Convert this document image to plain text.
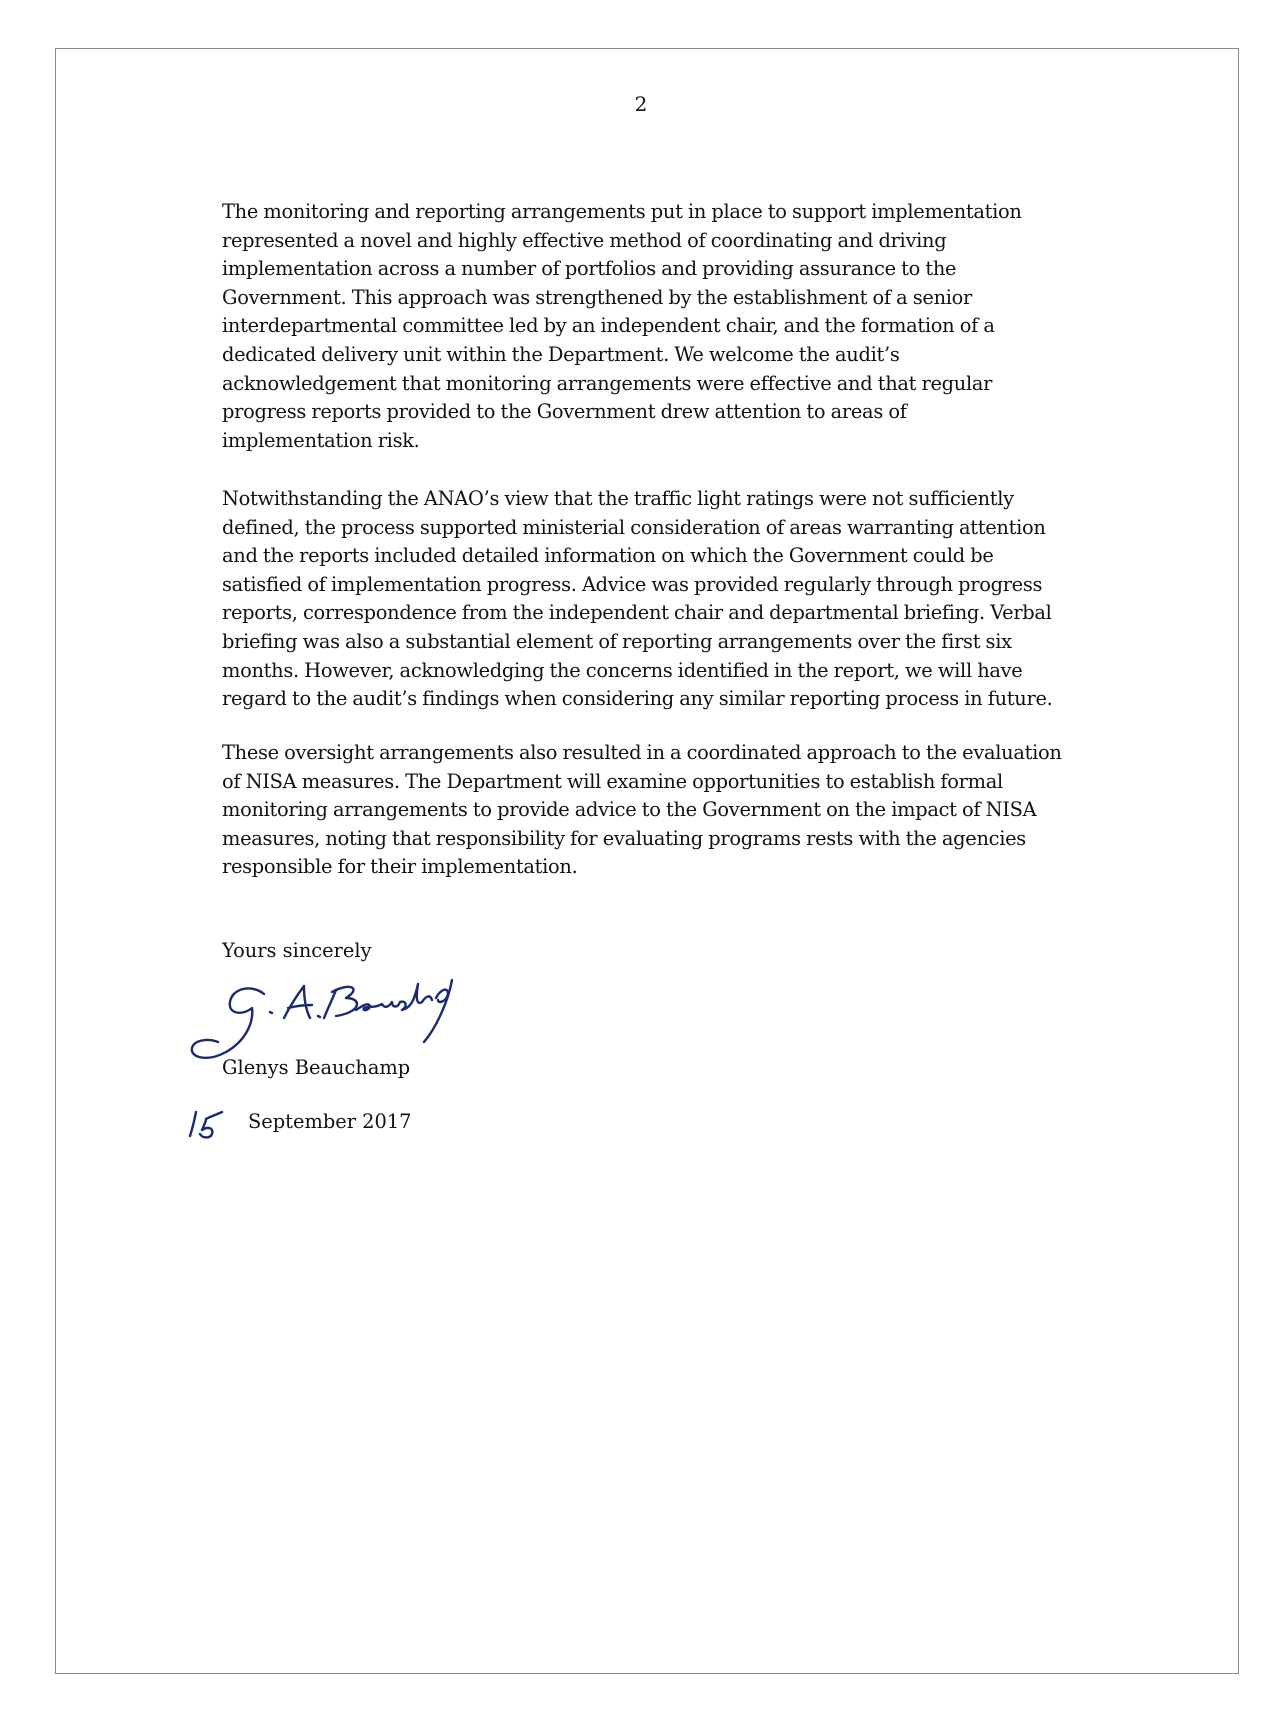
2

The monitoring and reporting arrangements put in place to support implementation
represented a novel and highly effective method of coordinating and driving
implementation across a number of portfolios and providing assurance to the
Government. This approach was strengthened by the establishment of a senior
interdepartmental committee led by an independent chair, and the formation of a
dedicated delivery unit within the Department. We welcome the audit’s
acknowledgement that monitoring arrangements were effective and that regular
progress reports provided to the Government drew attention to areas of
implementation risk.

Notwithstanding the ANAO’s view that the traffic light ratings were not sufficiently
defined, the process supported ministerial consideration of areas warranting attention
and the reports included detailed information on which the Government could be
satisfied of implementation progress. Advice was provided regularly through progress
reports, correspondence from the independent chair and departmental briefing. Verbal
briefing was also a substantial element of reporting arrangements over the first six
months. However, acknowledging the concerns identified in the report, we will have
regard to the audit’s findings when considering any similar reporting process in future.

These oversight arrangements also resulted in a coordinated approach to the evaluation
of NISA measures. The Department will examine opportunities to establish formal
monitoring arrangements to provide advice to the Government on the impact of NISA
measures, noting that responsibility for evaluating programs rests with the agencies
responsible for their implementation.

Yours sincerely
Glenys Beauchamp
September 2017
